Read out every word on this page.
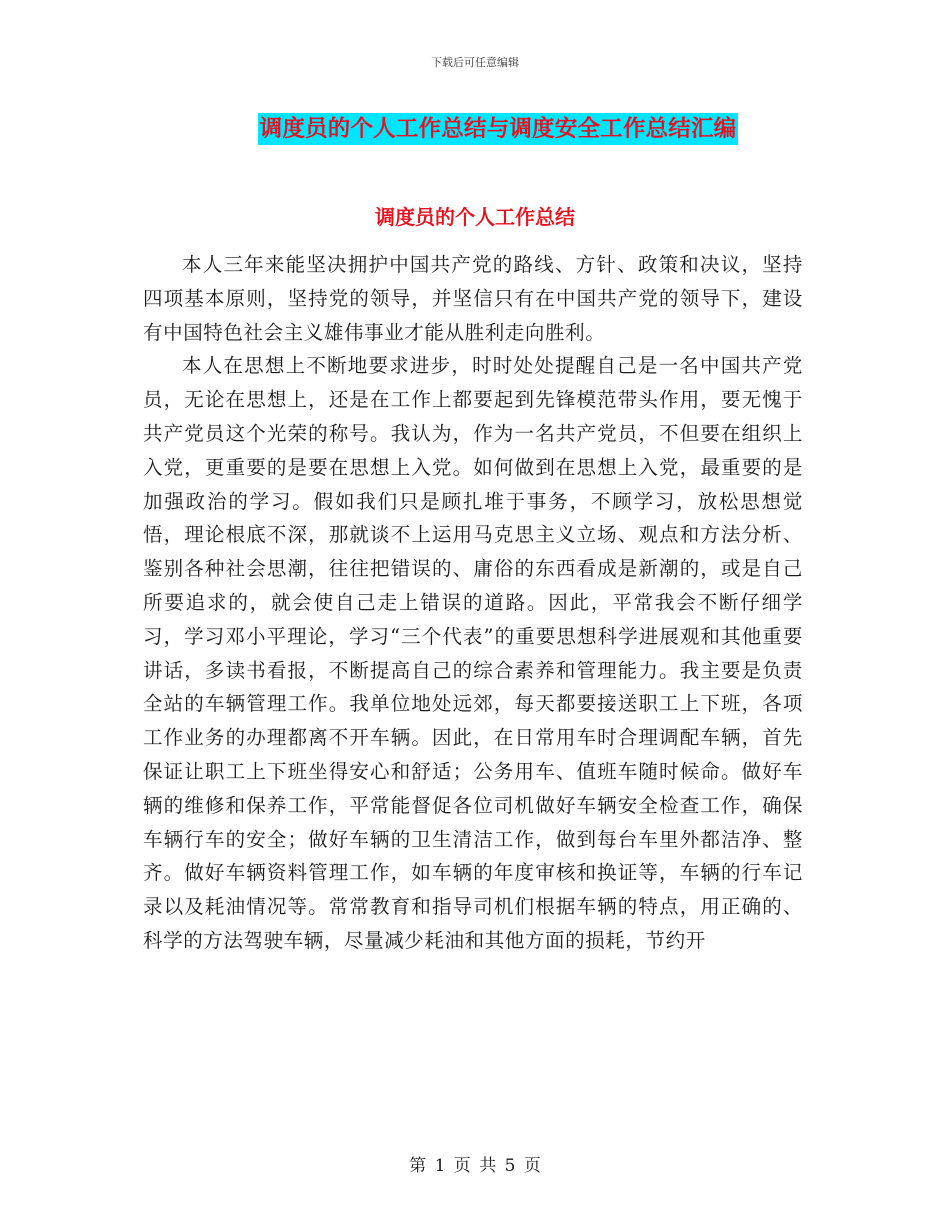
下载后可任意编辑
调度员的个人工作总结与调度安全工作总结汇编
调度员的个人工作总结

本人三年来能坚决拥护中国共产党的路线、方针、政策和决议，坚持四项基本原则，坚持党的领导，并坚信只有在中国共产党的领导下，建设有中国特色社会主义雄伟事业才能从胜利走向胜利。

本人在思想上不断地要求进步，时时处处提醒自己是一名中国共产党员，无论在思想上，还是在工作上都要起到先锋模范带头作用，要无愧于共产党员这个光荣的称号。我认为，作为一名共产党员，不但要在组织上入党，更重要的是要在思想上入党。如何做到在思想上入党，最重要的是加强政治的学习。假如我们只是顾扎堆于事务，不顾学习，放松思想觉悟，理论根底不深，那就谈不上运用马克思主义立场、观点和方法分析、鉴别各种社会思潮，往往把错误的、庸俗的东西看成是新潮的，或是自己所要追求的，就会使自己走上错误的道路。因此，平常我会不断仔细学习，学习邓小平理论，学习“三个代表”的重要思想科学进展观和其他重要讲话，多读书看报，不断提高自己的综合素养和管理能力。我主要是负责全站的车辆管理工作。我单位地处远郊，每天都要接送职工上下班，各项工作业务的办理都离不开车辆。因此，在日常用车时合理调配车辆，首先保证让职工上下班坐得安心和舒适；公务用车、值班车随时候命。做好车辆的维修和保养工作，平常能督促各位司机做好车辆安全检查工作，确保车辆行车的安全；做好车辆的卫生清洁工作，做到每台车里外都洁净、整齐。做好车辆资料管理工作，如车辆的年度审核和换证等，车辆的行车记录以及耗油情况等。常常教育和指导司机们根据车辆的特点，用正确的、科学的方法驾驶车辆，尽量减少耗油和其他方面的损耗，节约开

第 1 页 共 5 页
